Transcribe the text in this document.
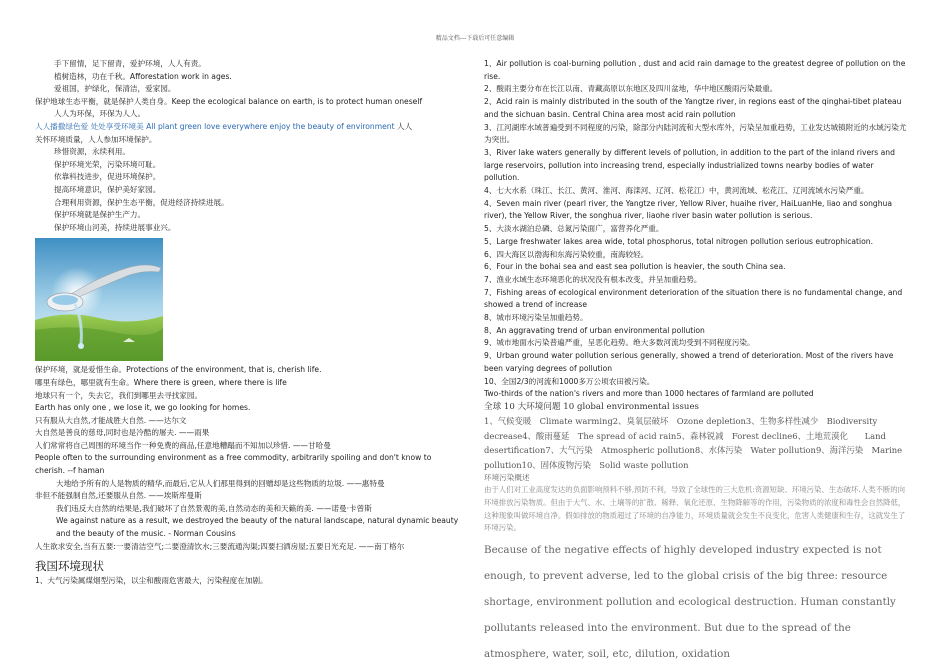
精品文档---下载后可任意编辑
手下留情，足下留青，爱护环境，人人有责。
植树造林，功在千秋。Afforestation work in ages.
爱祖国，护绿化，保清洁，爱家园。
保护地球生态平衡，就是保护人类自身。Keep the ecological balance on earth, is to protect human oneself
人人为环保，环保为人人。
人人播撒绿色爱 处处享受环境美 All plant green love everywhere enjoy the beauty of environment 人人
关怀环境质量，人人参加环境保护。
珍惜资源，永续利用。
保护环境光荣，污染环境可耻。
依靠科技进步，促进环境保护。
提高环境意识，保护美好家园。
合理利用资源，保护生态平衡，促进经济持续进展。
保护环境就是保护生产力。
保护环境山河美，持续进展事业兴。
保护环境，就是爱惜生命。Protections of the environment, that is, cherish life.
哪里有绿色，哪里就有生命。Where there is green, where there is life
地球只有一个，失去它，我们到哪里去寻找家园。
Earth has only one , we lose it, we go looking for homes.
只有服从大自然,才能战胜大自然. ——达尔文
大自然是善良的慈母,同时也是冷酷的屠夫. ——雨果
人们常常将自己周围的环境当作一种免费的商品,任意地糟蹋而不知加以珍惜. ——甘哈曼
People often to the surrounding environment as a free commodity, arbitrarily spoiling and don't know to cherish. --f haman
大地给予所有的人是物质的精华,而最后,它从人们那里得到的回赠却是这些物质的垃圾. ——惠特曼
非但不能强制自然,还要服从自然. ——埃斯库曼斯
我们违反大自然的结果是,我们破坏了自然景观的美,自然动态的美和天籁的美. ——诺曼·卡曾斯
We against nature as a result, we destroyed the beauty of the natural landscape, natural dynamic beauty and the beauty of the music. - Norman Cousins
人生欲求安全,当有五要:一要清洁空气;二要澄清饮水;三要流通沟渠;四要扫洒房屋;五要日光充足. ——南丁格尔
我国环境现状
1、大气污染属煤烟型污染，以尘和酸雨危害最大，污染程度在加剧。
1、Air pollution is coal-burning pollution , dust and acid rain damage to the greatest degree of pollution on the rise.
2、酸雨主要分布在长江以南、青藏高原以东地区及四川盆地，华中地区酸雨污染最重。
2、Acid rain is mainly distributed in the south of the Yangtze river, in regions east of the qinghai-tibet plateau and the sichuan basin. Central China area most acid rain pollution
3、江河湖库水域普遍受到不同程度的污染，除部分内陆河流和大型水库外，污染呈加重趋势，工业发达城镇附近的水域污染尤为突出。
3、River lake waters generally by different levels of pollution, in addition to the part of the inland rivers and large reservoirs, pollution into increasing trend, especially industrialized towns nearby bodies of water pollution.
4、七大水系（珠江、长江、黄河、淮河、海滦河、辽河、松花江）中，黄河流域、松花江、辽河流域水污染严重。
4、Seven main river (pearl river, the Yangtze river, Yellow River, huaihe river, HaiLuanHe, liao and songhua river), the Yellow River, the songhua river, liaohe river basin water pollution is serious.
5、大淡水湖泊总磷、总氮污染面广，富营养化严重。
5、Large freshwater lakes area wide, total phosphorus, total nitrogen pollution serious eutrophication.
6、四大海区以渤海和东海污染较重，南海较轻。
6、Four in the bohai sea and east sea pollution is heavier, the south China sea.
7、渔业水域生态环境恶化的状况没有根本改变，并呈加重趋势。
7、Fishing areas of ecological environment deterioration of the situation there is no fundamental change, and showed a trend of increase
8、城市环境污染呈加重趋势。
8、An aggravating trend of urban environmental pollution
9、城市地面水污染普遍严重，呈恶化趋势。绝大多数河流均受到不同程度污染。
9、Urban ground water pollution serious generally, showed a trend of deterioration. Most of the rivers have been varying degrees of pollution
10、全国2/3的河流和1000多万公顷农田被污染。
Two-thirds of the nation's rivers and more than 1000 hectares of farmland are polluted
全球 10 大环境问题 10 global environmental issues
1、气候变暖　Climate warming2、臭氧层破坏　Ozone depletion3、生物多样性减少　Biodiversity decrease4、酸雨蔓延　The spread of acid rain5、森林锐减　Forest decline6、土地荒漠化　　Land desertification7、大气污染　Atmospheric pollution8、水体污染　Water pollution9、海洋污染　Marine pollution10、固体废物污染　Solid waste pollution
环境污染概述
由于人们对工业高度发达的负面影响预料不够,预防不利，导致了全球性的三大危机:资源短缺、环境污染、生态破坏.人类不断的向环境排放污染物质。但由于大气、水、土壤等的扩散、稀释、氧化还原、生物降解等的作用，污染物质的浓度和毒性会自然降低，这种现象叫做环境自净。假如排放的物质超过了环境的自净能力，环境质量就会发生不良变化，危害人类健康和生存，这就发生了环境污染。
Because of the negative effects of highly developed industry expected is not enough, to prevent adverse, led to the global crisis of the big three: resource shortage, environment pollution and ecological destruction. Human constantly pollutants released into the environment. But due to the spread of the atmosphere, water, soil, etc, dilution, oxidation
